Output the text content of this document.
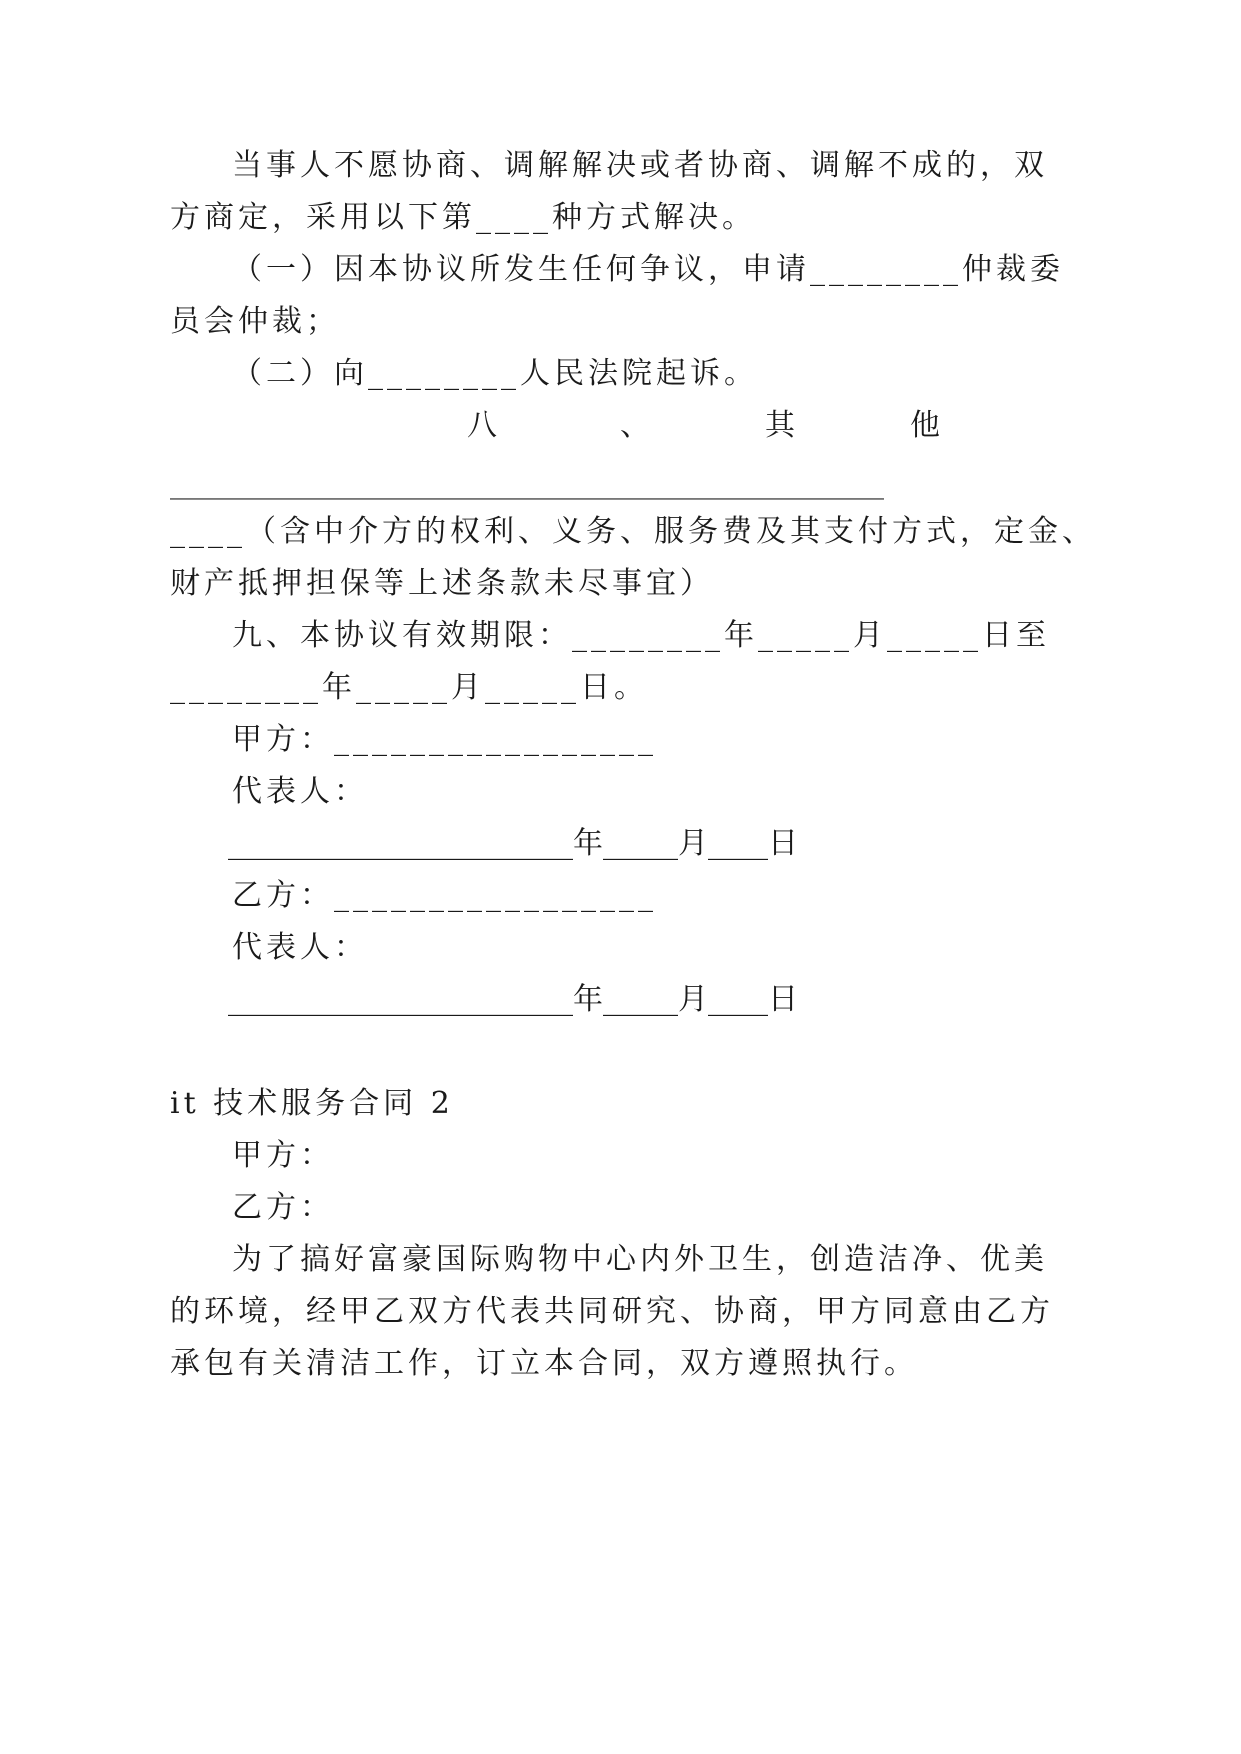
当事人不愿协商、调解解决或者协商、调解不成的，双
方商定，采用以下第____种方式解决。
（一）因本协议所发生任何争议，申请________仲裁委
员会仲裁；
（二）向________人民法院起诉。
八	、	其	他
___________________________________________________
____（含中介方的权利、义务、服务费及其支付方式，定金、
财产抵押担保等上述条款未尽事宜）
九、本协议有效期限：________年_____月_____日至
________年_____月_____日。
甲方：_________________
代表人：
_______________________年_____月____日
乙方：_________________
代表人：
_______________________年_____月____日
it 技术服务合同 2
甲方：
乙方：
为了搞好富豪国际购物中心内外卫生，创造洁净、优美
的环境，经甲乙双方代表共同研究、协商，甲方同意由乙方
承包有关清洁工作，订立本合同，双方遵照执行。
